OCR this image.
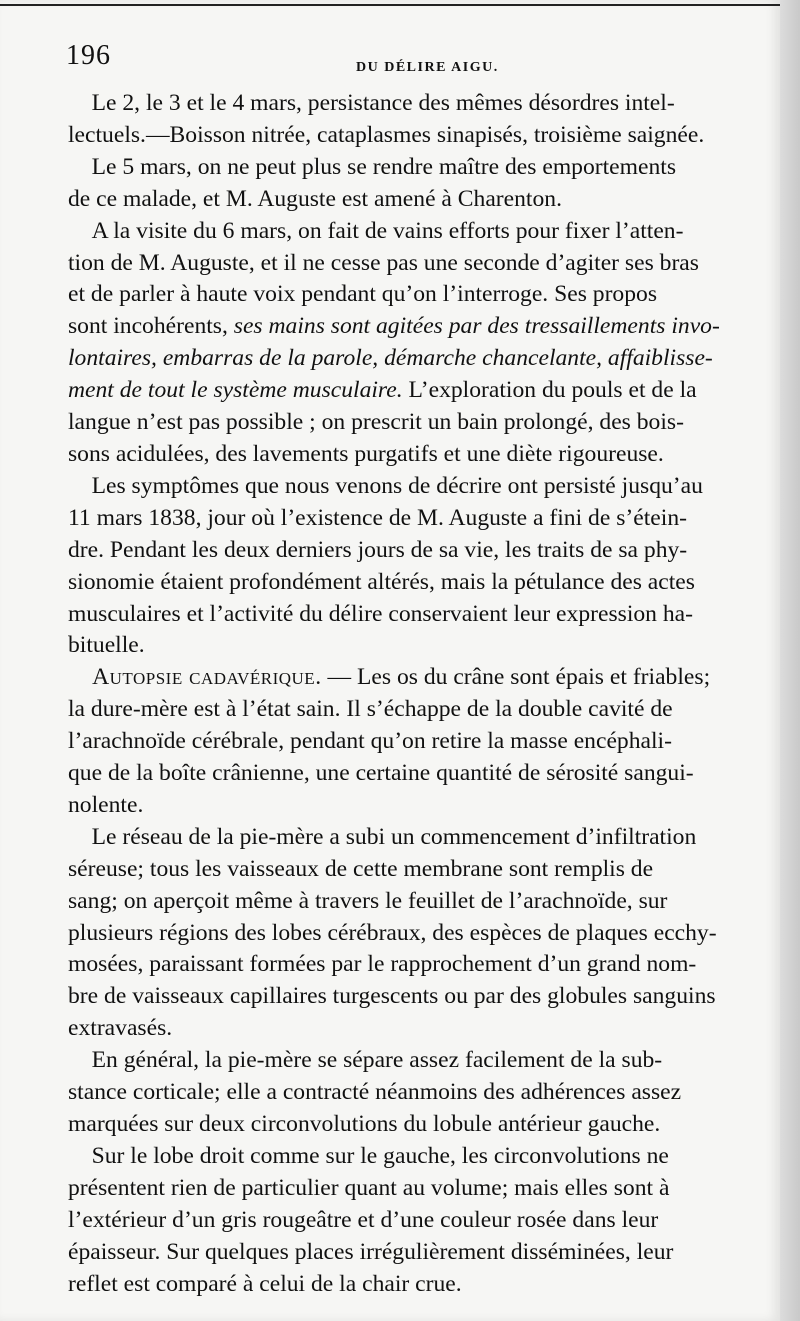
196	DU DÉLIRE AIGU.

 Le 2, le 3 et le 4 mars, persistance des mêmes désordres intel-
lectuels.—Boisson nitrée, cataplasmes sinapisés, troisième saignée.

 Le 5 mars, on ne peut plus se rendre maître des emportements
de ce malade, et M. Auguste est amené à Charenton.

 A la visite du 6 mars, on fait de vains efforts pour fixer l’atten-
tion de M. Auguste, et il ne cesse pas une seconde d’agiter ses bras
et de parler à haute voix pendant qu’on l’interroge. Ses propos
sont incohérents, ses mains sont agitées par des tressaillements invo-
lontaires, embarras de la parole, démarche chancelante, affaiblisse-
ment de tout le système musculaire. L’exploration du pouls et de la
langue n’est pas possible ; on prescrit un bain prolongé, des bois-
sons acidulées, des lavements purgatifs et une diète rigoureuse.

 Les symptômes que nous venons de décrire ont persisté jusqu’au
11 mars 1838, jour où l’existence de M. Auguste a fini de s’étein-
dre. Pendant les deux derniers jours de sa vie, les traits de sa phy-
sionomie étaient profondément altérés, mais la pétulance des actes
musculaires et l’activité du délire conservaient leur expression ha-
bituelle.

 Autopsie cadavérique. — Les os du crâne sont épais et friables;
la dure-mère est à l’état sain. Il s’échappe de la double cavité de
l’arachnoïde cérébrale, pendant qu’on retire la masse encéphali-
que de la boîte crânienne, une certaine quantité de sérosité sangui-
nolente.

 Le réseau de la pie-mère a subi un commencement d’infiltration
séreuse; tous les vaisseaux de cette membrane sont remplis de
sang; on aperçoit même à travers le feuillet de l’arachnoïde, sur
plusieurs régions des lobes cérébraux, des espèces de plaques ecchy-
mosées, paraissant formées par le rapprochement d’un grand nom-
bre de vaisseaux capillaires turgescents ou par des globules sanguins
extravasés.

 En général, la pie-mère se sépare assez facilement de la sub-
stance corticale; elle a contracté néanmoins des adhérences assez
marquées sur deux circonvolutions du lobule antérieur gauche.

 Sur le lobe droit comme sur le gauche, les circonvolutions ne
présentent rien de particulier quant au volume; mais elles sont à
l’extérieur d’un gris rougeâtre et d’une couleur rosée dans leur
épaisseur. Sur quelques places irrégulièrement disséminées, leur
reflet est comparé à celui de la chair crue.
